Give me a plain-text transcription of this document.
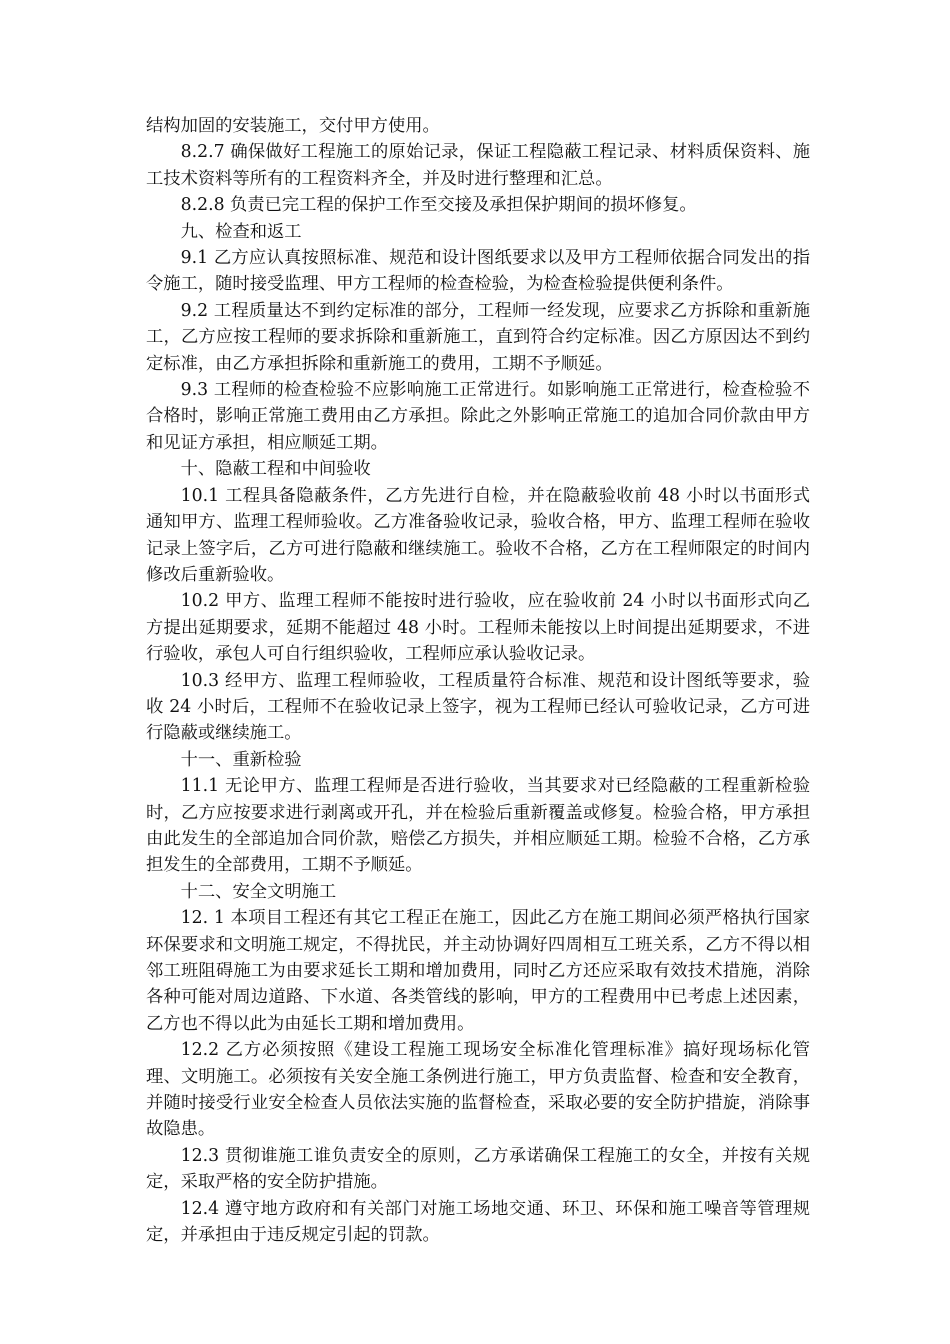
结构加固的安装施工，交付甲方使用。

8.2.7 确保做好工程施工的原始记录，保证工程隐蔽工程记录、材料质保资料、施工技术资料等所有的工程资料齐全，并及时进行整理和汇总。

8.2.8 负责已完工程的保护工作至交接及承担保护期间的损坏修复。

九、检查和返工

9.1 乙方应认真按照标准、规范和设计图纸要求以及甲方工程师依据合同发出的指令施工，随时接受监理、甲方工程师的检查检验，为检查检验提供便利条件。

9.2 工程质量达不到约定标准的部分，工程师一经发现，应要求乙方拆除和重新施工，乙方应按工程师的要求拆除和重新施工，直到符合约定标准。因乙方原因达不到约定标准，由乙方承担拆除和重新施工的费用，工期不予顺延。

9.3 工程师的检查检验不应影响施工正常进行。如影响施工正常进行，检查检验不合格时，影响正常施工费用由乙方承担。除此之外影响正常施工的追加合同价款由甲方和见证方承担，相应顺延工期。

十、隐蔽工程和中间验收

10.1 工程具备隐蔽条件，乙方先进行自检，并在隐蔽验收前 48 小时以书面形式通知甲方、监理工程师验收。乙方准备验收记录，验收合格，甲方、监理工程师在验收记录上签字后，乙方可进行隐蔽和继续施工。验收不合格，乙方在工程师限定的时间内修改后重新验收。

10.2 甲方、监理工程师不能按时进行验收，应在验收前 24 小时以书面形式向乙方提出延期要求，延期不能超过 48 小时。工程师未能按以上时间提出延期要求，不进行验收，承包人可自行组织验收，工程师应承认验收记录。

10.3 经甲方、监理工程师验收，工程质量符合标准、规范和设计图纸等要求，验收 24 小时后，工程师不在验收记录上签字，视为工程师已经认可验收记录，乙方可进行隐蔽或继续施工。

十一、重新检验

11.1 无论甲方、监理工程师是否进行验收，当其要求对已经隐蔽的工程重新检验时，乙方应按要求进行剥离或开孔，并在检验后重新覆盖或修复。检验合格，甲方承担由此发生的全部追加合同价款，赔偿乙方损失，并相应顺延工期。检验不合格，乙方承担发生的全部费用，工期不予顺延。

十二、安全文明施工

12. 1 本项目工程还有其它工程正在施工，因此乙方在施工期间必须严格执行国家环保要求和文明施工规定，不得扰民，并主动协调好四周相互工班关系，乙方不得以相邻工班阻碍施工为由要求延长工期和增加费用，同时乙方还应采取有效技术措施，消除各种可能对周边道路、下水道、各类管线的影响，甲方的工程费用中已考虑上述因素，乙方也不得以此为由延长工期和增加费用。

12.2 乙方必须按照《建设工程施工现场安全标准化管理标准》搞好现场标化管理、文明施工。必须按有关安全施工条例进行施工，甲方负责监督、检查和安全教育，并随时接受行业安全检查人员依法实施的监督检查，采取必要的安全防护措旋，消除事故隐患。

12.3 贯彻谁施工谁负责安全的原则，乙方承诺确保工程施工的女全，并按有关规定，采取严格的安全防护措施。

12.4 遵守地方政府和有关部门对施工场地交通、环卫、环保和施工噪音等管理规定，并承担由于违反规定引起的罚款。
